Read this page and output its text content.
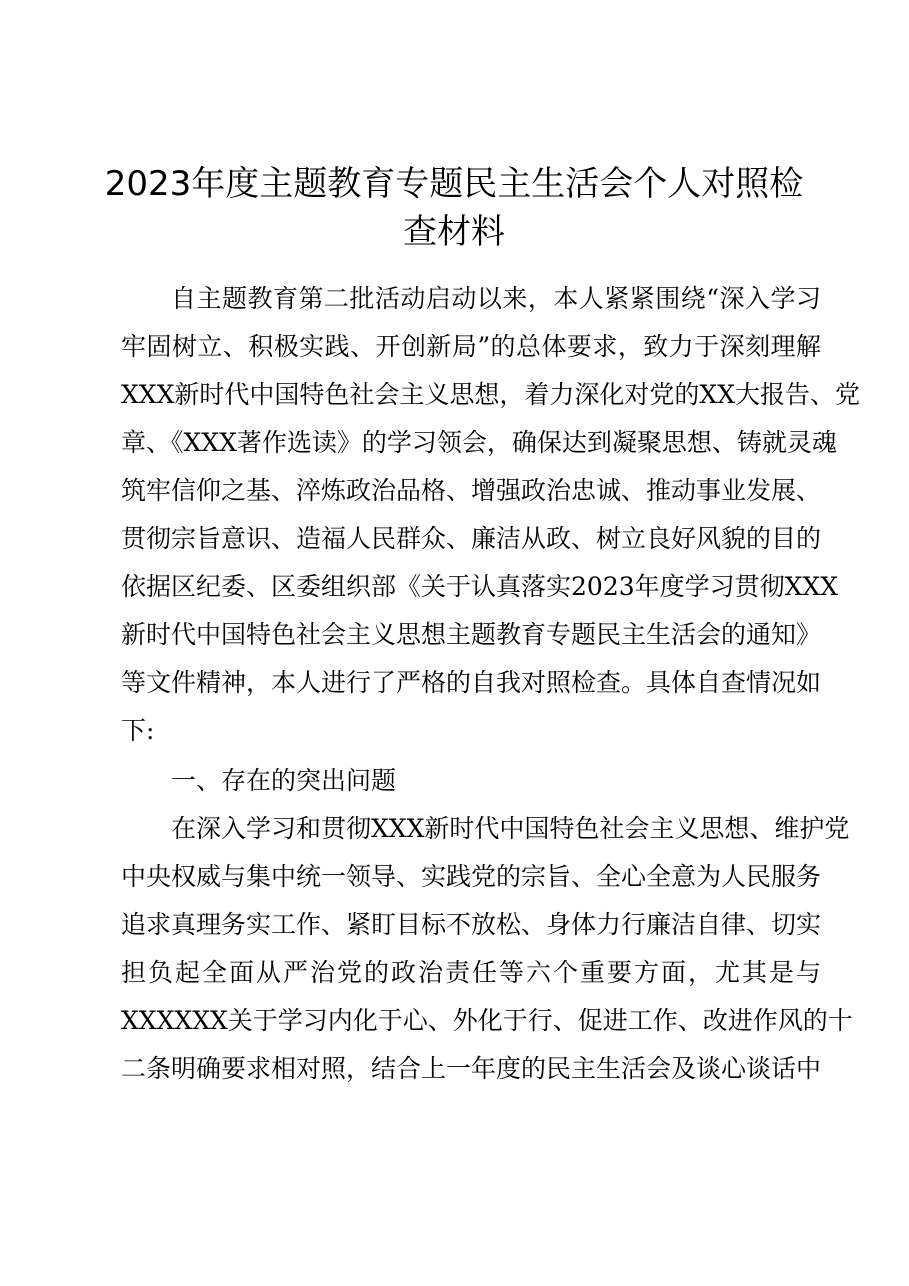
2023年度主题教育专题民主生活会个人对照检
查材料
自主题教育第二批活动启动以来，本人紧紧围绕“深入学习
牢固树立、积极实践、开创新局”的总体要求，致力于深刻理解
XXX新时代中国特色社会主义思想，着力深化对党的XX大报告、党
章、《XXX著作选读》的学习领会，确保达到凝聚思想、铸就灵魂
筑牢信仰之基、淬炼政治品格、增强政治忠诚、推动事业发展、
贯彻宗旨意识、造福人民群众、廉洁从政、树立良好风貌的目的
依据区纪委、区委组织部《关于认真落实2023年度学习贯彻XXX
新时代中国特色社会主义思想主题教育专题民主生活会的通知》
等文件精神，本人进行了严格的自我对照检查。具体自查情况如
下:
一、存在的突出问题
在深入学习和贯彻XXX新时代中国特色社会主义思想、维护党
中央权威与集中统一领导、实践党的宗旨、全心全意为人民服务
追求真理务实工作、紧盯目标不放松、身体力行廉洁自律、切实
担负起全面从严治党的政治责任等六个重要方面，尤其是与
XXXXXX关于学习内化于心、外化于行、促进工作、改进作风的十
二条明确要求相对照，结合上一年度的民主生活会及谈心谈话中
